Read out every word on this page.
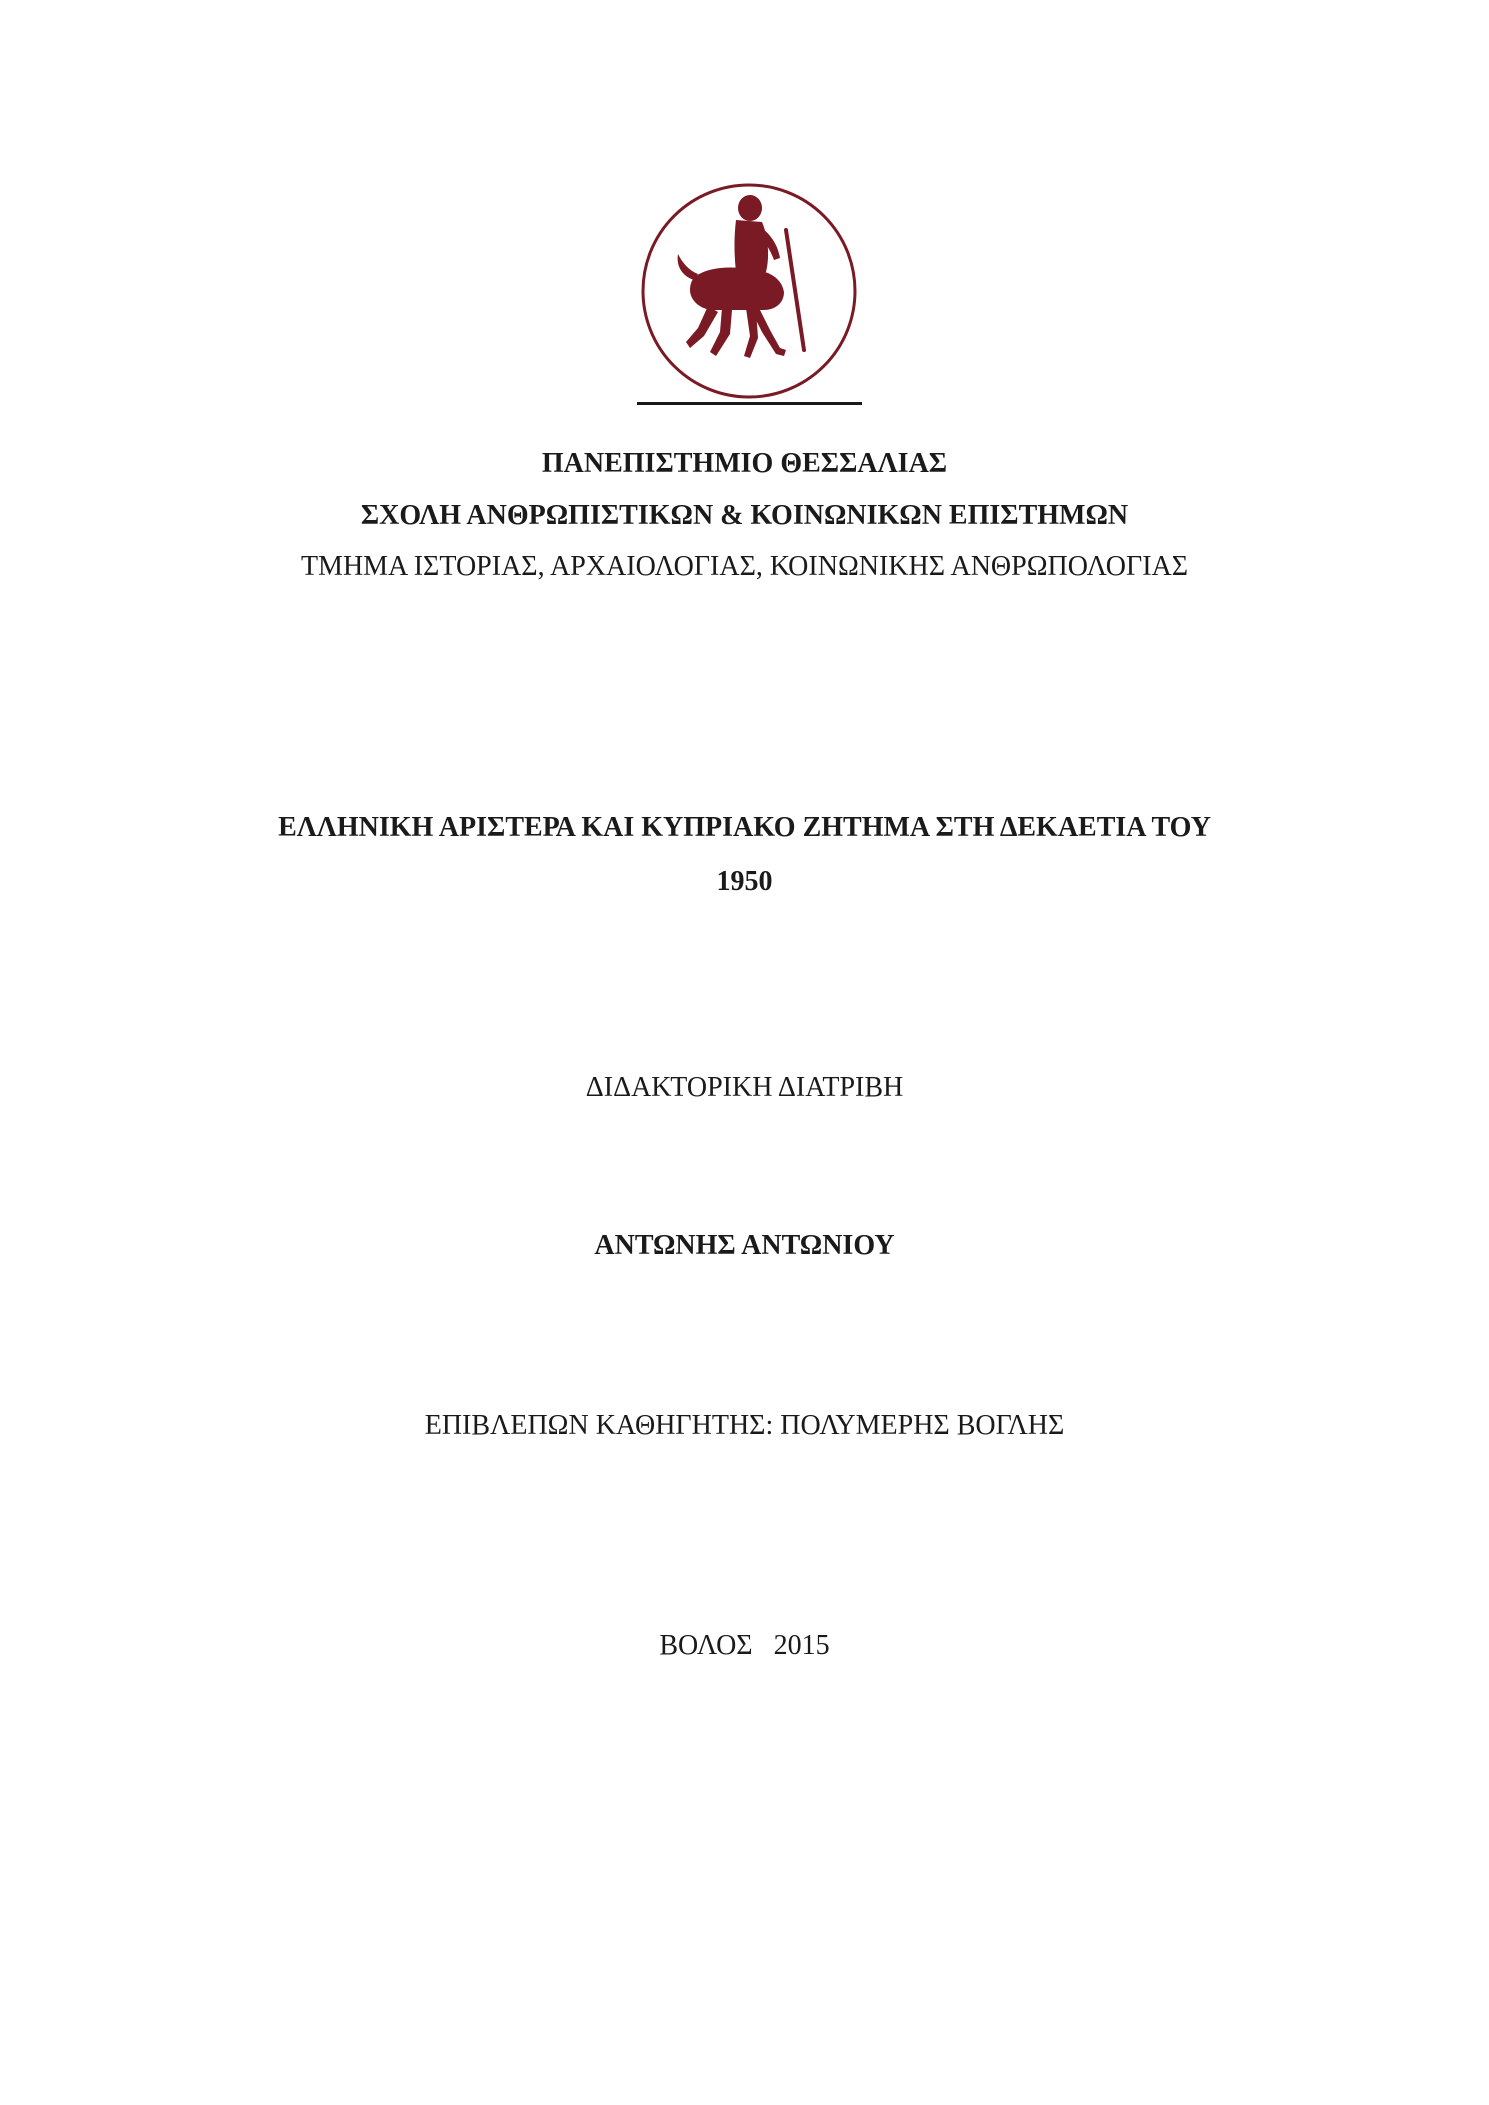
ΠΑΝΕΠΙΣΤΗΜΙΟ ΘΕΣΣΑΛΙΑΣ
ΣΧΟΛΗ ΑΝΘΡΩΠΙΣΤΙΚΩΝ & ΚΟΙΝΩΝΙΚΩΝ ΕΠΙΣΤΗΜΩΝ
ΤΜΗΜΑ ΙΣΤΟΡΙΑΣ, ΑΡΧΑΙΟΛΟΓΙΑΣ, ΚΟΙΝΩΝΙΚΗΣ ΑΝΘΡΩΠΟΛΟΓΙΑΣ
ΕΛΛΗΝΙΚΗ ΑΡΙΣΤΕΡΑ ΚΑΙ ΚΥΠΡΙΑΚΟ ΖΗΤΗΜΑ ΣΤΗ ΔΕΚΑΕΤΙΑ ΤΟΥ
1950
ΔΙΔΑΚΤΟΡΙΚΗ ΔΙΑΤΡΙΒΗ
ΑΝΤΩΝΗΣ ΑΝΤΩΝΙΟΥ
ΕΠΙΒΛΕΠΩΝ ΚΑΘΗΓΗΤΗΣ: ΠΟΛΥΜΕΡΗΣ ΒΟΓΛΗΣ
ΒΟΛΟΣ   2015
